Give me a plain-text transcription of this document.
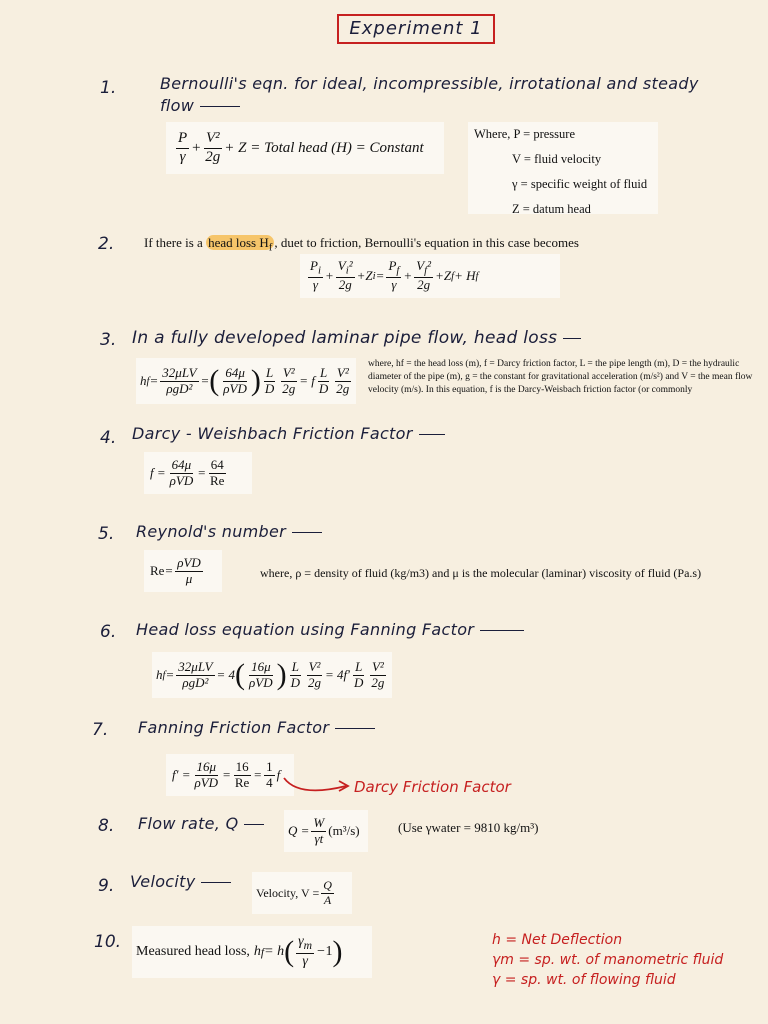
Experiment 1
1.	Bernoulli's eqn. for ideal, incompressible, irrotational and steady
flow
$\frac{P}{\gamma} + \frac{\text{V²}}{2g} + Z$ = Total head (H) = Constant
Where, P = pressure
V = fluid velocity
γ = specific weight of fluid
Z = datum head
2. If there is a head loss $H_f$ , duet to friction, Bernoulli's equation in this case becomes
$\frac{P_i}{\gamma} + \frac{V_i^2}{2g} +Z$ $i = \frac{P_f}{\gamma} + \frac{V_f^2}{2g} +Z$ f + H f
3. In a fully developed laminar pipe flow, head loss
h $f = \frac{\text{32μLV}}{\text{ρgD²}}$ = ( $\frac{64\mu}{\text{ρVD}}$ ) $\frac{L}{D} \frac{\text{V²}}{2g} = f \frac{L}{D} \frac{\text{V²}}{2g}$
where, hf = the head loss (m), f = Darcy friction factor, L = the pipe length (m), D = the hydraulic diameter of the pipe (m), g = the constant for gravitational acceleration (m/s²) and V = the mean flow velocity (m/s). In this equation, f is the Darcy-Weisbach friction factor (or commonly
4. Darcy - Weishbach Friction Factor
$f = \frac{64\mu}{\text{ρVD}} = \frac{64}{Re}$
5. Reynold's number
$Re = \frac{\text{ρVD}}{\mu}$	where, ρ = density of fluid (kg/m3) and μ is the molecular (laminar) viscosity of fluid (Pa.s)
6. Head loss equation using Fanning Factor
h $f = \frac{\text{32μLV}}{\text{ρgD²}} = 4$ ( $\frac{16\mu}{\text{ρVD}}$ ) $\frac{L}{D} \frac{\text{V²}}{2g} = 4f' \frac{L}{D} \frac{\text{V²}}{2g}$
7. Fanning Friction Factor
$f' = \frac{16\mu}{\text{ρVD}} = \frac{16}{Re} = \frac{1}{4}$ f
Darcy Friction Factor
8. Flow rate, Q	$Q = \frac{W}{\gamma t} (m^3/s)$	(Use γwater = 9810 kg/m³)
9. Velocity
Velocity, $V = \frac{Q}{A}$
10. Measured head loss, h f = h ( $\frac{\gamma_m}{\gamma} - 1$ )	h = Net Deflection
γm = sp. wt. of manometric fluid
γ = sp. wt. of flowing fluid
